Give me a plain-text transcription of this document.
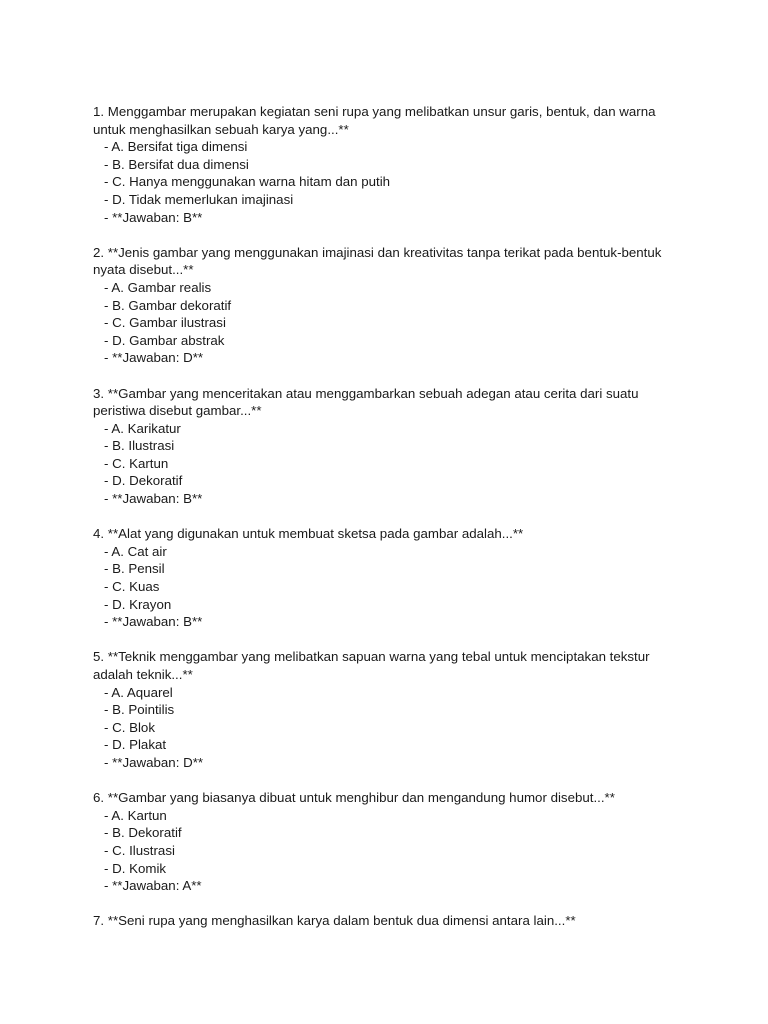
1. Menggambar merupakan kegiatan seni rupa yang melibatkan unsur garis, bentuk, dan warna untuk menghasilkan sebuah karya yang...**
- A. Bersifat tiga dimensi
- B. Bersifat dua dimensi
- C. Hanya menggunakan warna hitam dan putih
- D. Tidak memerlukan imajinasi
- **Jawaban: B**
2. **Jenis gambar yang menggunakan imajinasi dan kreativitas tanpa terikat pada bentuk-bentuk nyata disebut...**
- A. Gambar realis
- B. Gambar dekoratif
- C. Gambar ilustrasi
- D. Gambar abstrak
- **Jawaban: D**
3. **Gambar yang menceritakan atau menggambarkan sebuah adegan atau cerita dari suatu peristiwa disebut gambar...**
- A. Karikatur
- B. Ilustrasi
- C. Kartun
- D. Dekoratif
- **Jawaban: B**
4. **Alat yang digunakan untuk membuat sketsa pada gambar adalah...**
- A. Cat air
- B. Pensil
- C. Kuas
- D. Krayon
- **Jawaban: B**
5. **Teknik menggambar yang melibatkan sapuan warna yang tebal untuk menciptakan tekstur adalah teknik...**
- A. Aquarel
- B. Pointilis
- C. Blok
- D. Plakat
- **Jawaban: D**
6. **Gambar yang biasanya dibuat untuk menghibur dan mengandung humor disebut...**
- A. Kartun
- B. Dekoratif
- C. Ilustrasi
- D. Komik
- **Jawaban: A**
7. **Seni rupa yang menghasilkan karya dalam bentuk dua dimensi antara lain...**
